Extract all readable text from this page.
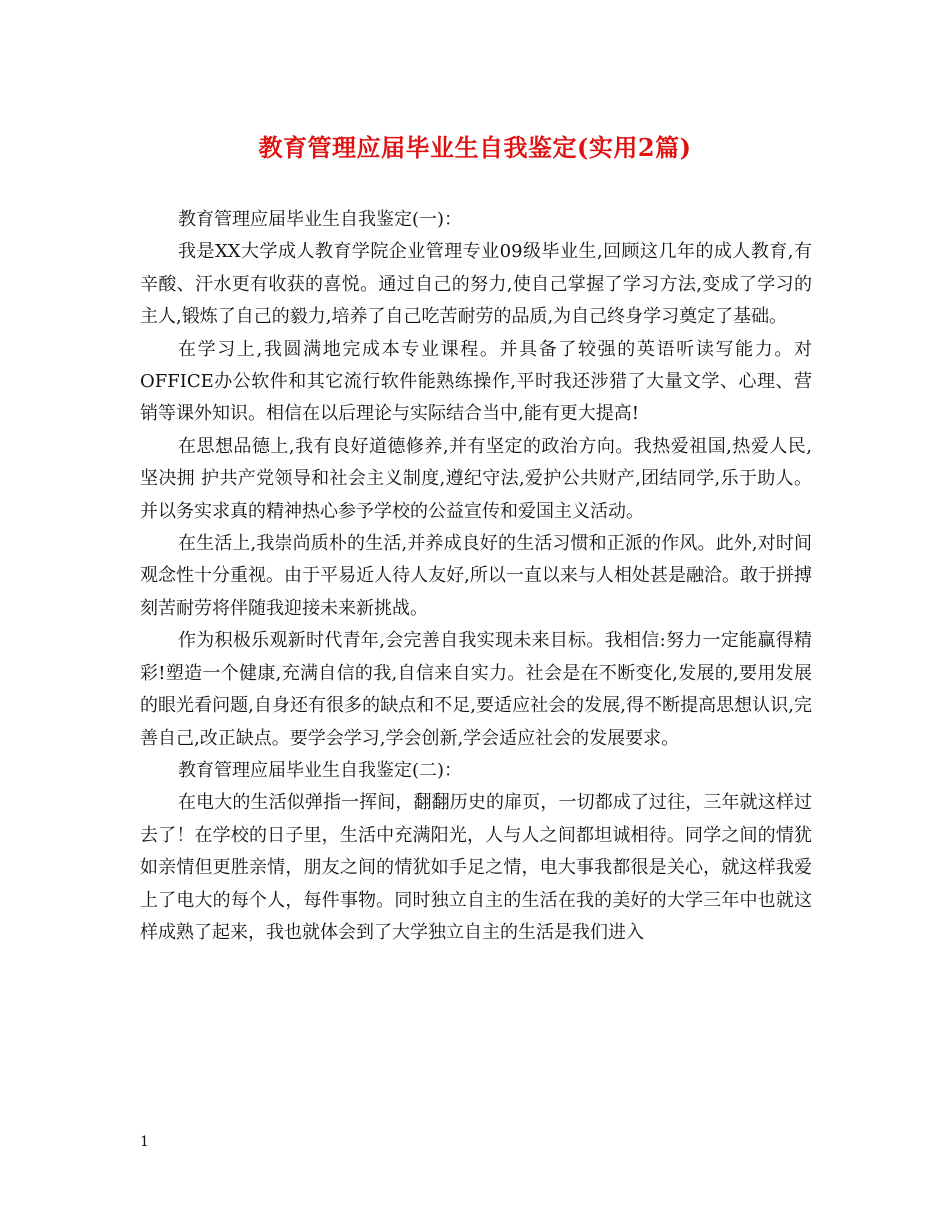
教育管理应届毕业生自我鉴定(实用2篇)

教育管理应届毕业生自我鉴定(一)：

我是XX大学成人教育学院企业管理专业09级毕业生,回顾这几年的成人教育,有辛酸、汗水更有收获的喜悦。通过自己的努力,使自己掌握了学习方法,变成了学习的主人,锻炼了自己的毅力,培养了自己吃苦耐劳的品质,为自己终身学习奠定了基础。

在学习上,我圆满地完成本专业课程。并具备了较强的英语听读写能力。对OFFICE办公软件和其它流行软件能熟练操作,平时我还涉猎了大量文学、心理、营销等课外知识。相信在以后理论与实际结合当中,能有更大提高!

在思想品德上,我有良好道德修养,并有坚定的政治方向。我热爱祖国,热爱人民,坚决拥 护共产党领导和社会主义制度,遵纪守法,爱护公共财产,团结同学,乐于助人。并以务实求真的精神热心参予学校的公益宣传和爱国主义活动。

在生活上,我崇尚质朴的生活,并养成良好的生活习惯和正派的作风。此外,对时间观念性十分重视。由于平易近人待人友好,所以一直以来与人相处甚是融洽。敢于拼搏刻苦耐劳将伴随我迎接未来新挑战。

作为积极乐观新时代青年,会完善自我实现未来目标。我相信:努力一定能赢得精彩!塑造一个健康,充满自信的我,自信来自实力。社会是在不断变化,发展的,要用发展的眼光看问题,自身还有很多的缺点和不足,要适应社会的发展,得不断提高思想认识,完善自己,改正缺点。要学会学习,学会创新,学会适应社会的发展要求。

教育管理应届毕业生自我鉴定(二)：

在电大的生活似弹指一挥间，翻翻历史的扉页，一切都成了过往，三年就这样过去了！在学校的日子里，生活中充满阳光，人与人之间都坦诚相待。同学之间的情犹如亲情但更胜亲情，朋友之间的情犹如手足之情，电大事我都很是关心，就这样我爱上了电大的每个人，每件事物。同时独立自主的生活在我的美好的大学三年中也就这样成熟了起来，我也就体会到了大学独立自主的生活是我们进入

1
